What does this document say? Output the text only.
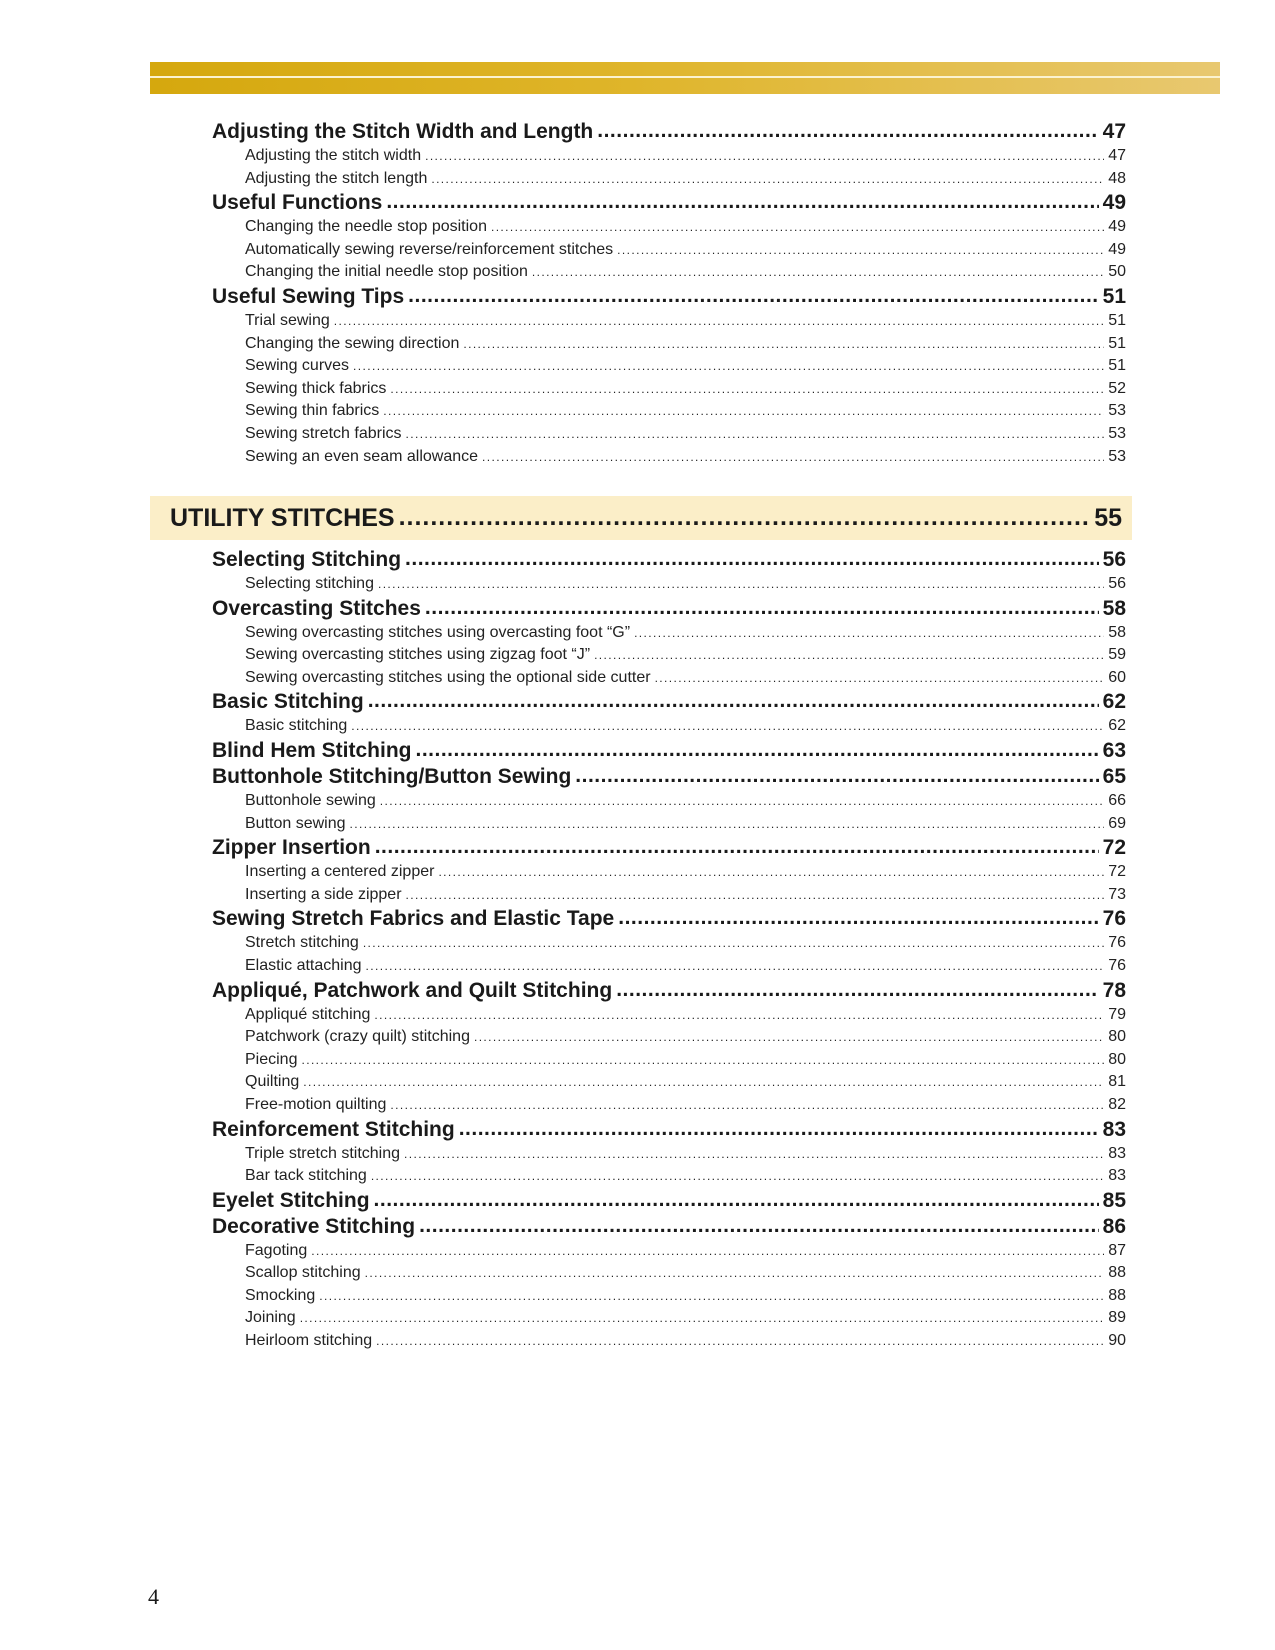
Adjusting the Stitch Width and Length .....	47
Adjusting the stitch width .....	47
Adjusting the stitch length .....	48
Useful Functions .....	49
Changing the needle stop position .....	49
Automatically sewing reverse/reinforcement stitches .....	49
Changing the initial needle stop position .....	50
Useful Sewing Tips .....	51
Trial sewing .....	51
Changing the sewing direction .....	51
Sewing curves .....	51
Sewing thick fabrics .....	52
Sewing thin fabrics .....	53
Sewing stretch fabrics .....	53
Sewing an even seam allowance .....	53
UTILITY STITCHES .....	55
Selecting Stitching .....	56
Selecting stitching .....	56
Overcasting Stitches .....	58
Sewing overcasting stitches using overcasting foot “G” .....	58
Sewing overcasting stitches using zigzag foot “J” .....	59
Sewing overcasting stitches using the optional side cutter .....	60
Basic Stitching .....	62
Basic stitching .....	62
Blind Hem Stitching .....	63
Buttonhole Stitching/Button Sewing .....	65
Buttonhole sewing .....	66
Button sewing .....	69
Zipper Insertion .....	72
Inserting a centered zipper .....	72
Inserting a side zipper .....	73
Sewing Stretch Fabrics and Elastic Tape .....	76
Stretch stitching .....	76
Elastic attaching .....	76
Appliqué, Patchwork and Quilt Stitching .....	78
Appliqué stitching .....	79
Patchwork (crazy quilt) stitching .....	80
Piecing .....	80
Quilting .....	81
Free-motion quilting .....	82
Reinforcement Stitching .....	83
Triple stretch stitching .....	83
Bar tack stitching .....	83
Eyelet Stitching .....	85
Decorative Stitching .....	86
Fagoting .....	87
Scallop stitching .....	88
Smocking .....	88
Joining .....	89
Heirloom stitching .....	90
4
